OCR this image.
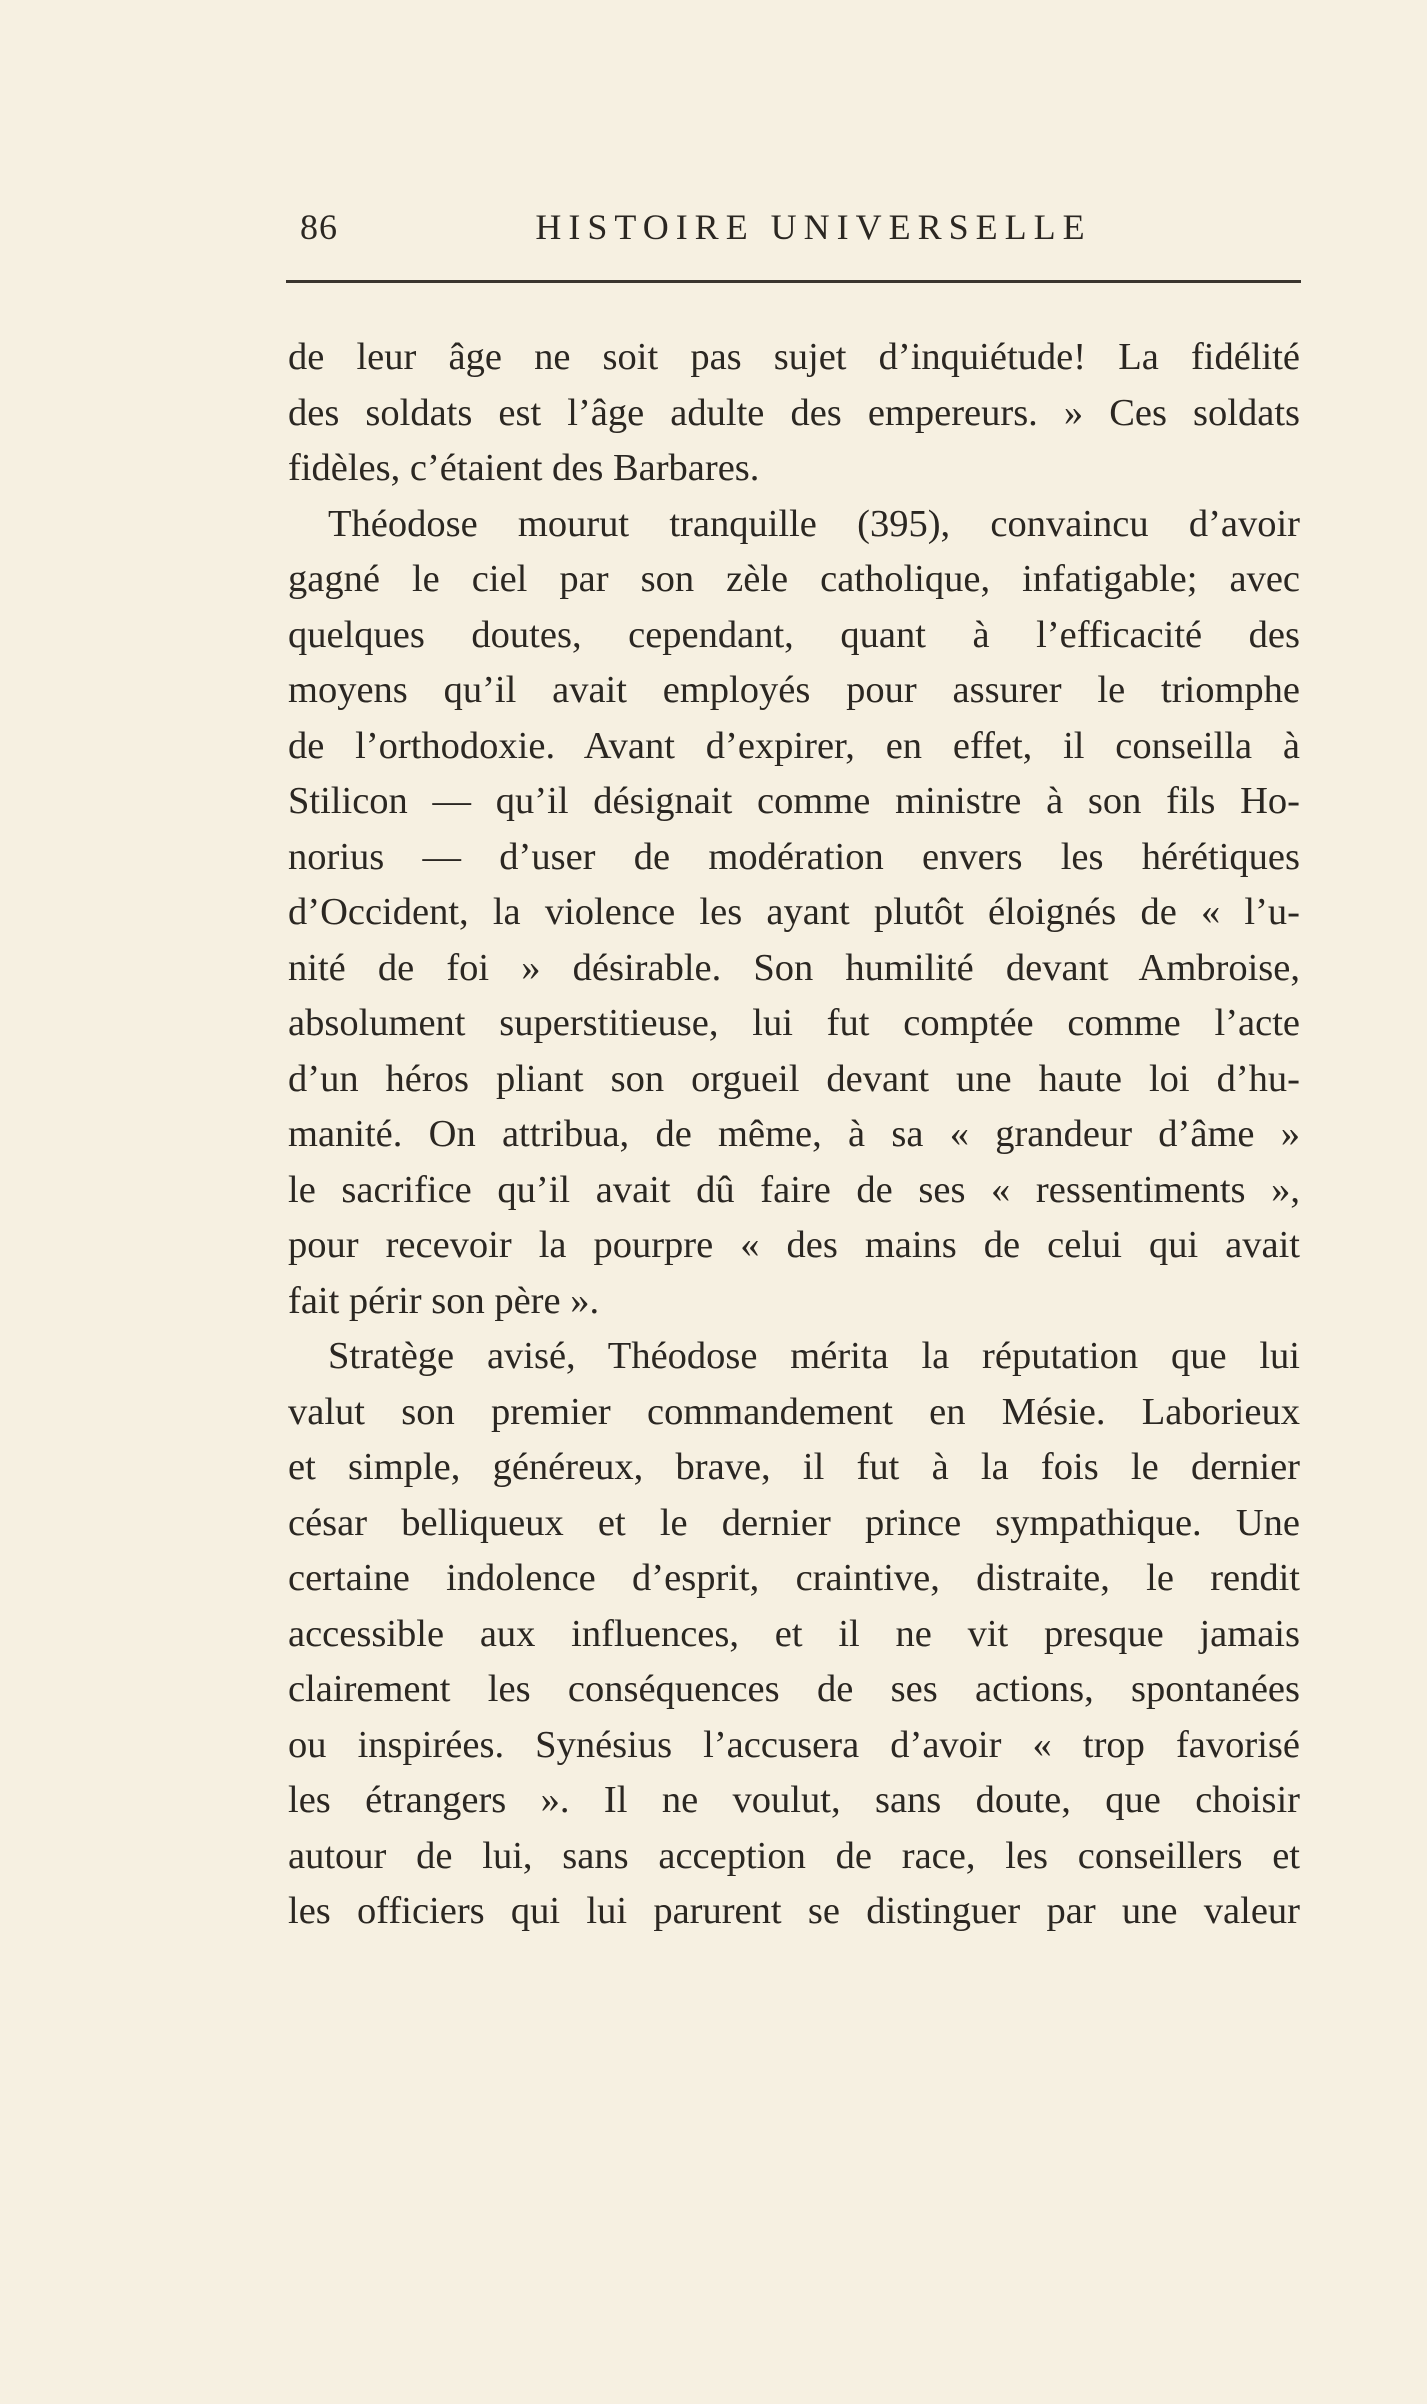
86	HISTOIRE UNIVERSELLE
de leur âge ne soit pas sujet d’inquiétude! La fidélité
des soldats est l’âge adulte des empereurs. » Ces soldats
fidèles, c’étaient des Barbares.
Théodose mourut tranquille (395), convaincu d’avoir
gagné le ciel par son zèle catholique, infatigable; avec
quelques doutes, cependant, quant à l’efficacité des
moyens qu’il avait employés pour assurer le triomphe
de l’orthodoxie. Avant d’expirer, en effet, il conseilla à
Stilicon — qu’il désignait comme ministre à son fils Ho-
norius — d’user de modération envers les hérétiques
d’Occident, la violence les ayant plutôt éloignés de « l’u-
nité de foi » désirable. Son humilité devant Ambroise,
absolument superstitieuse, lui fut comptée comme l’acte
d’un héros pliant son orgueil devant une haute loi d’hu-
manité. On attribua, de même, à sa « grandeur d’âme »
le sacrifice qu’il avait dû faire de ses « ressentiments »,
pour recevoir la pourpre « des mains de celui qui avait
fait périr son père ».
Stratège avisé, Théodose mérita la réputation que lui
valut son premier commandement en Mésie. Laborieux
et simple, généreux, brave, il fut à la fois le dernier
césar belliqueux et le dernier prince sympathique. Une
certaine indolence d’esprit, craintive, distraite, le rendit
accessible aux influences, et il ne vit presque jamais
clairement les conséquences de ses actions, spontanées
ou inspirées. Synésius l’accusera d’avoir « trop favorisé
les étrangers ». Il ne voulut, sans doute, que choisir
autour de lui, sans acception de race, les conseillers et
les officiers qui lui parurent se distinguer par une valeur
